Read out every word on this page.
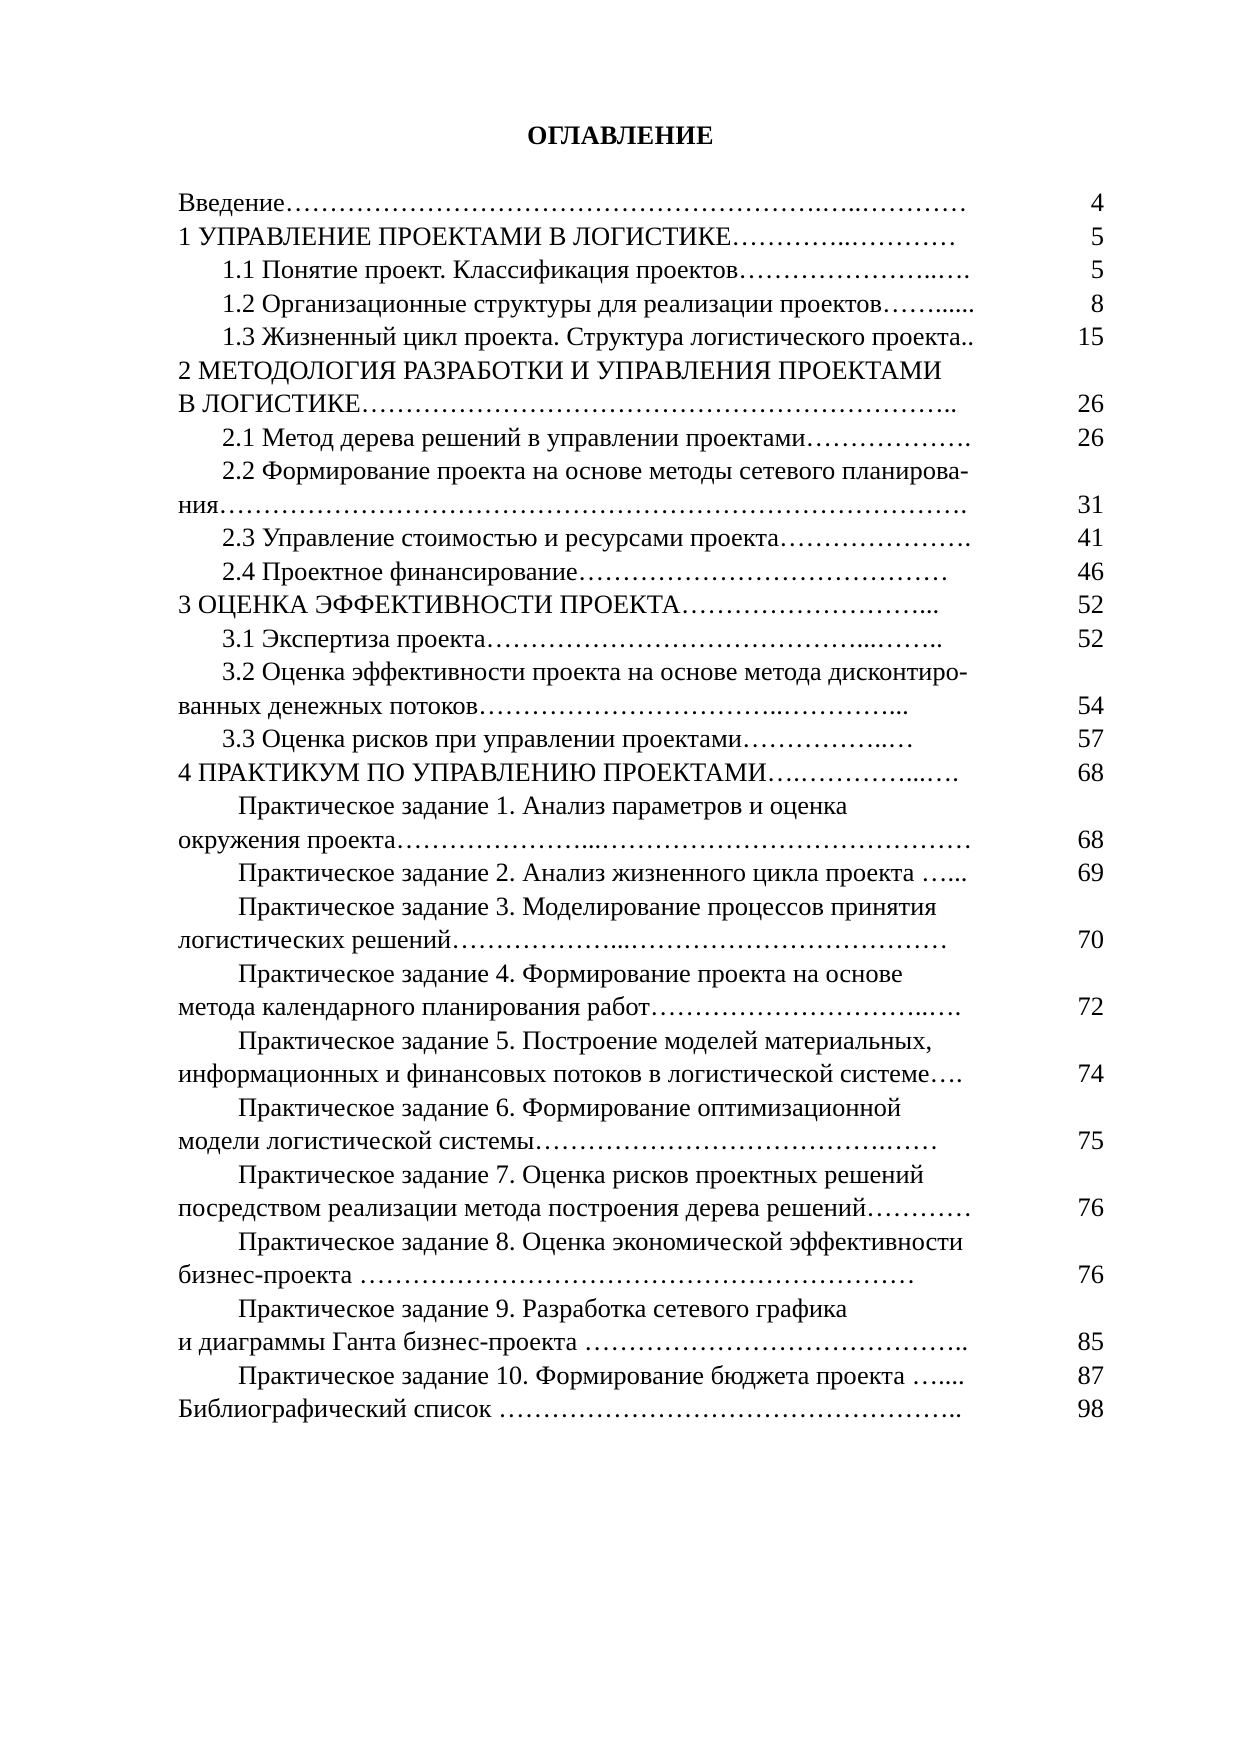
ОГЛАВЛЕНИЕ
Введение…………………………………………………….…..…………	4
1 УПРАВЛЕНИЕ ПРОЕКТАМИ В ЛОГИСТИКЕ…………..…………	5
1.1 Понятие проект. Классификация проектов…………………..….	5
1.2 Организационные структуры для реализации проектов……......	8
1.3 Жизненный цикл проекта. Структура логистического проекта..	15
2 МЕТОДОЛОГИЯ РАЗРАБОТКИ И УПРАВЛЕНИЯ ПРОЕКТАМИ
В ЛОГИСТИКЕ…………………………………………………………..	26
2.1 Метод дерева решений в управлении проектами……………….	26
2.2 Формирование проекта на основе методы сетевого планирова-
ния………………………………………………………………………….	31
2.3 Управление стоимостью и ресурсами проекта………………….	41
2.4 Проектное финансирование……………………………………	46
3 ОЦЕНКА ЭФФЕКТИВНОСТИ ПРОЕКТА………………………...	52
3.1 Экспертиза проекта……………………………………...……..	52
3.2 Оценка эффективности проекта на основе метода дисконтиро-
ванных денежных потоков……………………………..…………...	54
3.3 Оценка рисков при управлении проектами……………..…	57
4 ПРАКТИКУМ ПО УПРАВЛЕНИЮ ПРОЕКТАМИ….…………...….	68
Практическое задание 1. Анализ параметров и оценка
окружения проекта…………………...……………………………………	68
Практическое задание 2. Анализ жизненного цикла проекта …...	69
Практическое задание 3. Моделирование процессов принятия
логистических решений………………...………………………………	70
Практическое задание 4. Формирование проекта на основе
метода календарного планирования работ…………………………..….	72
Практическое задание 5. Построение моделей материальных,
информационных и финансовых потоков в логистической системе….	74
Практическое задание 6. Формирование оптимизационной
модели логистической системы………………………………….……	75
Практическое задание 7. Оценка рисков проектных решений
посредством реализации метода построения дерева решений…………	76
Практическое задание 8. Оценка экономической эффективности
бизнес-проекта ………………………………………………………	76
Практическое задание 9. Разработка сетевого графика
и диаграммы Ганта бизнес-проекта ……………………………………..	85
Практическое задание 10. Формирование бюджета проекта …....	87
Библиографический список ……………………………………………..	98
